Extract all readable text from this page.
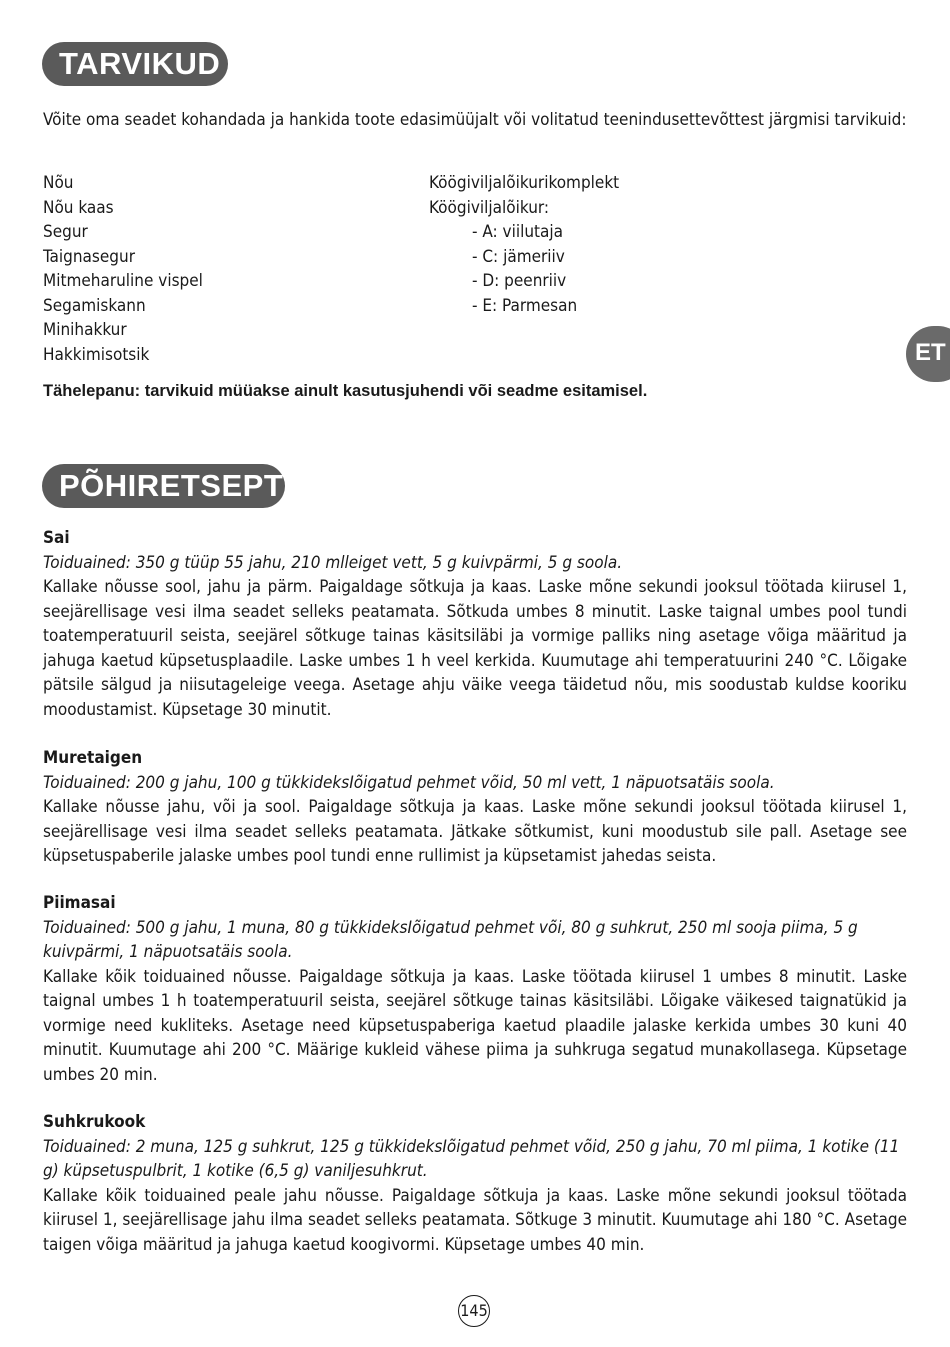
TARVIKUD

Võite oma seadet kohandada ja hankida toote edasimüüjalt või volitatud teenindusettevõttest järgmisi tarvikuid:

Nõu
Nõu kaas
Segur
Taignasegur
Mitmeharuline vispel
Segamiskann
Minihakkur
Hakkimisotsik
Köögiviljalõikurikomplekt
Köögiviljalõikur:
- A: viilutaja
- C: jämeriiv
- D: peenriiv
- E: Parmesan
ET

Tähelepanu: tarvikuid müüakse ainult kasutusjuhendi või seadme esitamisel.

PÕHIRETSEPT

Sai

Toiduained: 350 g tüüp 55 jahu, 210 mlleiget vett, 5 g kuivpärmi, 5 g soola.

Kallake nõusse sool, jahu ja pärm. Paigaldage sõtkuja ja kaas. Laske mõne sekundi jooksul töötada kiirusel 1, seejärellisage vesi ilma seadet selleks peatamata. Sõtkuda umbes 8 minutit. Laske taignal umbes pool tundi toatemperatuuril seista, seejärel sõtkuge tainas käsitsiläbi ja vormige palliks ning asetage võiga määritud ja jahuga kaetud küpsetusplaadile. Laske umbes 1 h veel kerkida. Kuumutage ahi temperatuurini 240 °C. Lõigake pätsile sälgud ja niisutageleige veega. Asetage ahju väike veega täidetud nõu, mis soodustab kuldse kooriku moodustamist. Küpsetage 30 minutit.

Muretaigen

Toiduained: 200 g jahu, 100 g tükkideksIõigatud pehmet võid, 50 ml vett, 1 näpuotsatäis soola.

Kallake nõusse jahu, või ja sool. Paigaldage sõtkuja ja kaas. Laske mõne sekundi jooksul töötada kiirusel 1, seejärellisage vesi ilma seadet selleks peatamata. Jätkake sõtkumist, kuni moodustub sile pall. Asetage see küpsetuspaberile jalaske umbes pool tundi enne rullimist ja küpsetamist jahedas seista.

Piimasai

Toiduained: 500 g jahu, 1 muna, 80 g tükkideksIõigatud pehmet või, 80 g suhkrut, 250 ml sooja piima, 5 g kuivpärmi, 1 näpuotsatäis soola.

Kallake kõik toiduained nõusse. Paigaldage sõtkuja ja kaas. Laske töötada kiirusel 1 umbes 8 minutit. Laske taignal umbes 1 h toatemperatuuril seista, seejärel sõtkuge tainas käsitsiläbi. Lõigake väikesed taignatükid ja vormige need kukliteks. Asetage need küpsetuspaberiga kaetud plaadile jalaske kerkida umbes 30 kuni 40 minutit. Kuumutage ahi 200 °C. Määrige kukleid vähese piima ja suhkruga segatud munakollasega. Küpsetage umbes 20 min.

Suhkrukook

Toiduained: 2 muna, 125 g suhkrut, 125 g tükkideksIõigatud pehmet võid, 250 g jahu, 70 ml piima, 1 kotike (11 g) küpsetuspulbrit, 1 kotike (6,5 g) vaniljesuhkrut.

Kallake kõik toiduained peale jahu nõusse. Paigaldage sõtkuja ja kaas. Laske mõne sekundi jooksul töötada kiirusel 1, seejärellisage jahu ilma seadet selleks peatamata. Sõtkuge 3 minutit. Kuumutage ahi 180 °C. Asetage taigen võiga määritud ja jahuga kaetud koogivormi. Küpsetage umbes 40 min.

145
